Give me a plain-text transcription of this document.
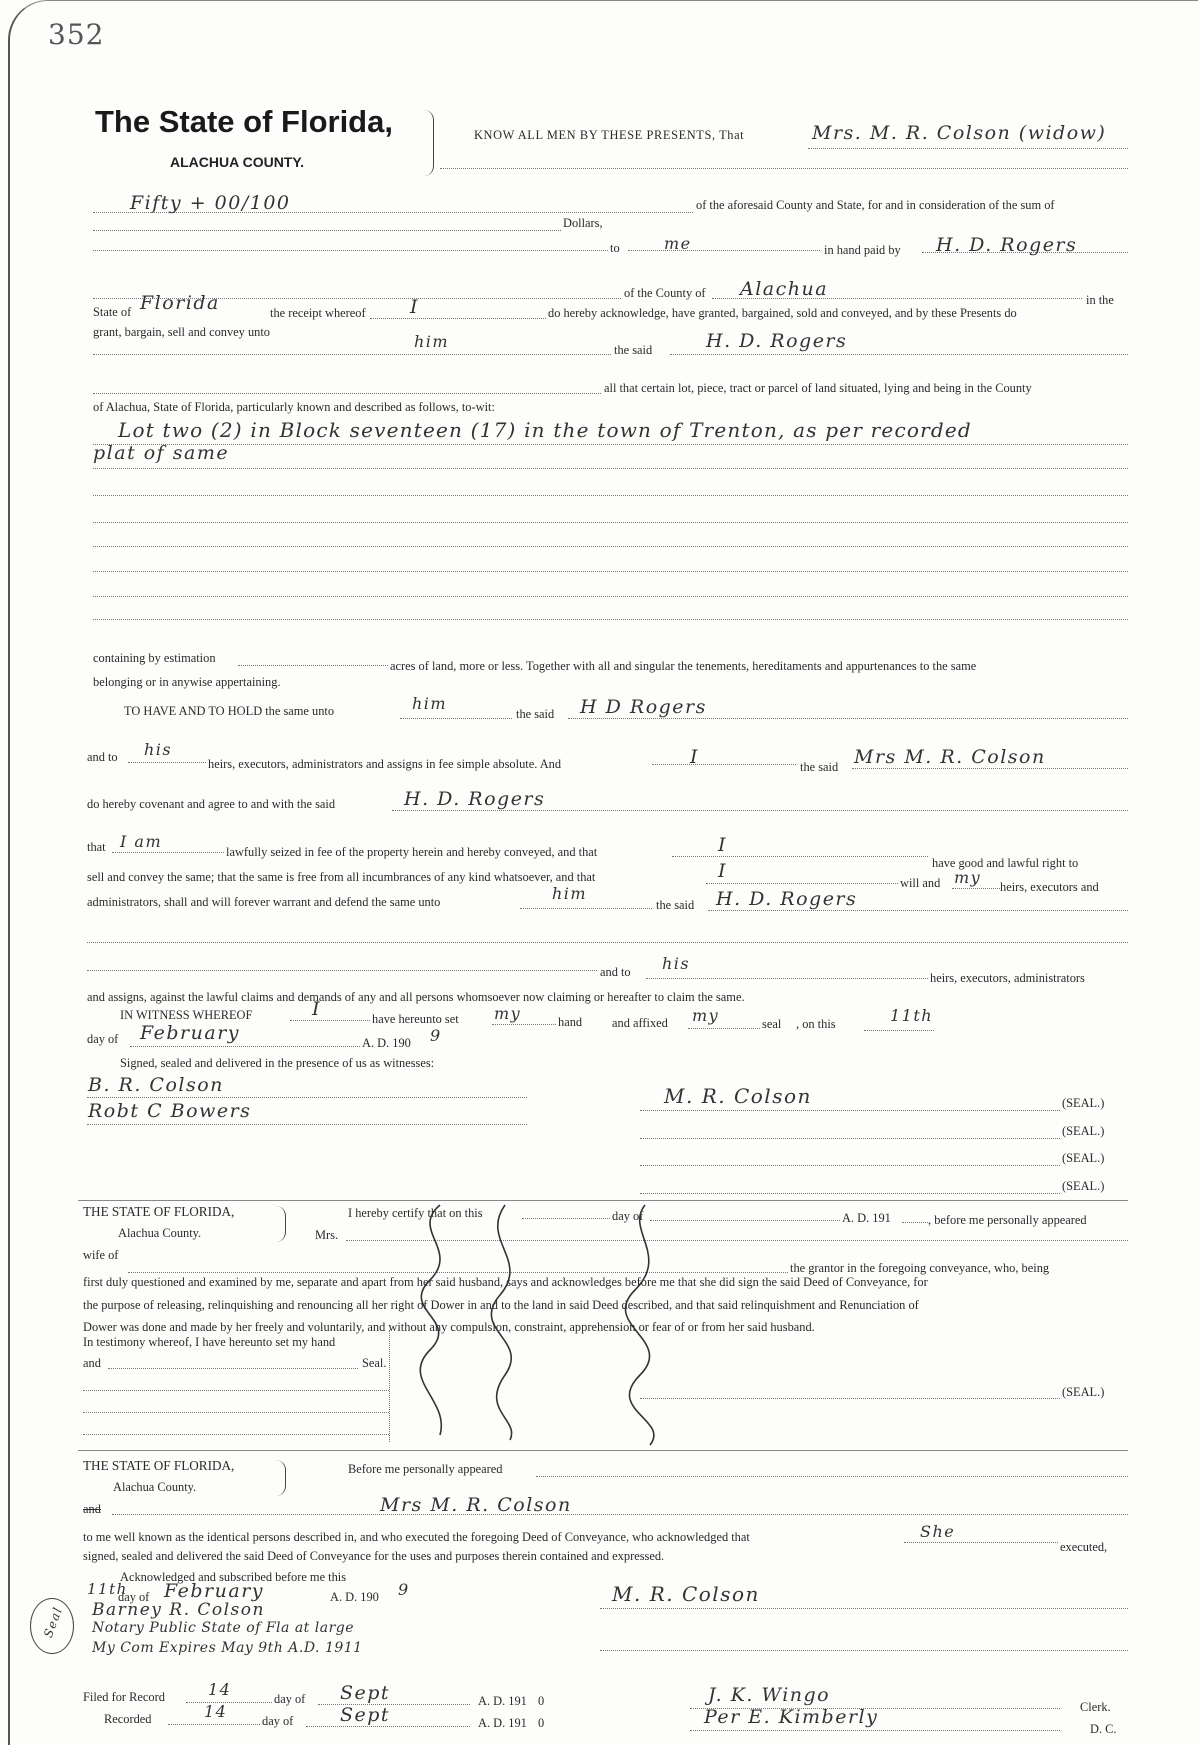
352
The State of Florida,
ALACHUA COUNTY.
KNOW ALL MEN BY THESE PRESENTS, That	Mrs. M. R. Colson (widow)
Fifty + 00/100	of the aforesaid County and State, for and in consideration of the sum of
Dollars,
to	me	in hand paid by H. D. Rogers
of the County of Alachua	in the
State of Florida	the receipt whereof I	do hereby acknowledge, have granted, bargained, sold and conveyed, and by these Presents do
grant, bargain, sell and convey unto	him	the said	H. D. Rogers
all that certain lot, piece, tract or parcel of land situated, lying and being in the County
of Alachua, State of Florida, particularly known and described as follows, to-wit:
Lot two (2) in Block seventeen (17) in the town of Trenton, as per recorded
plat of same
containing by estimation
acres of land, more or less. Together with all and singular the tenements, hereditaments and appurtenances to the same
belonging or in anywise appertaining.
TO HAVE AND TO HOLD the same unto	him
the said H D Rogers
and to his
heirs, executors, administrators and assigns in fee simple absolute. And	I	the said Mrs M. R. Colson
do hereby covenant and agree to and with the said	H. D. Rogers
that I am
lawfully seized in fee of the property herein and hereby conveyed, and that	I
have good and lawful right to
sell and convey the same; that the same is free from all incumbrances of any kind whatsoever, and that	I
will and my heirs, executors and
administrators, shall and will forever warrant and defend the same unto	him
the said H. D. Rogers
and to his
heirs, executors, administrators
and assigns, against the lawful claims and demands of any and all persons whomsoever now claiming or hereafter to claim the same.
IN WITNESS WHEREOF	I	have hereunto set my	hand and affixed my	seal , on this	11th
day of February	A. D. 190 9
Signed, sealed and delivered in the presence of us as witnesses:
B. R. Colson
Robt C Bowers
M. R. Colson	(SEAL.)
(SEAL.)
(SEAL.)
(SEAL.)
THE STATE OF FLORIDA,
Alachua County.
I hereby certify that on this	day of	A. D. 191	, before me personally appeared
Mrs.
wife of
the grantor in the foregoing conveyance, who, being
first duly questioned and examined by me, separate and apart from her said husband, says and acknowledges before me that she did sign the said Deed of Conveyance, for
the purpose of releasing, relinquishing and renouncing all her right of Dower in and to the land in said Deed described, and that said relinquishment and Renunciation of
Dower was done and made by her freely and voluntarily, and without any compulsion, constraint, apprehension or fear of or from her said husband.
In testimony whereof, I have hereunto set my hand
and	Seal.
(SEAL.)
THE STATE OF FLORIDA,
Alachua County.
Before me personally appeared
and	Mrs M. R. Colson
to me well known as the identical persons described in, and who executed the foregoing Deed of Conveyance, who acknowledged that	She
executed,
signed, sealed and delivered the said Deed of Conveyance for the uses and purposes therein contained and expressed.
Acknowledged and subscribed before me this
11th
day of February	A. D. 190 9
Barney R. Colson
Notary Public State of Fla at large
My Com Expires May 9th A.D. 1911
Seal
M. R. Colson
Filed for Record	14	day of Sept	A. D. 191 0	J. K. Wingo
Clerk.
Recorded	14	day of Sept	A. D. 191 0	Per E. Kimberly
D. C.
